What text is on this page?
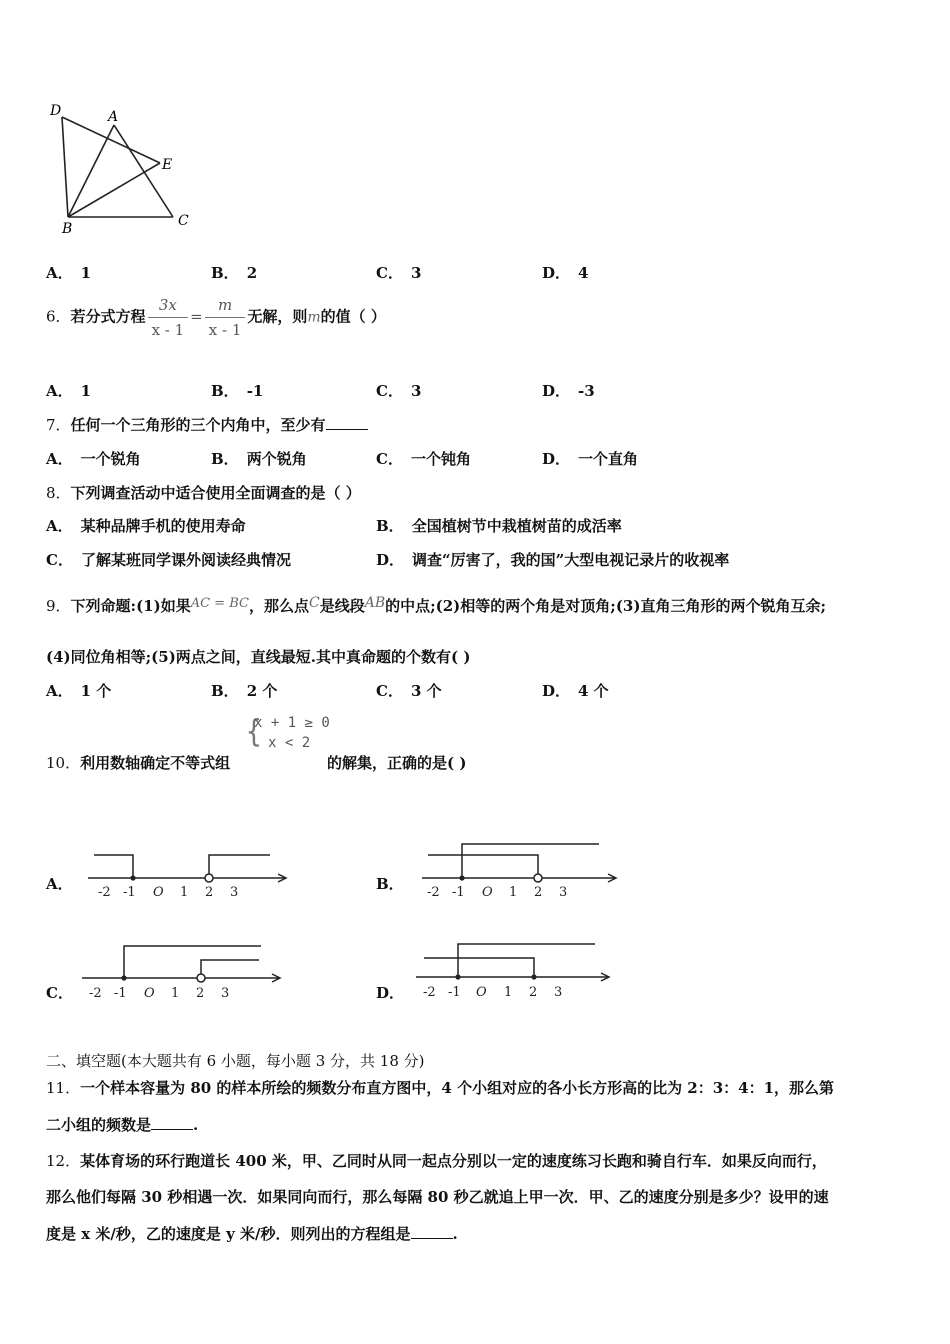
D	A
E
B	C
A． 1	B． 2	C． 3	D． 4
6．若分式方程 $\frac{3x}{x - 1} = \frac{m}{x - 1}$ 无解，则m的值（ ）
A． 1	B． -1	C． 3	D． -3
7．任何一个三角形的三个内角中，至少有
A． 一个锐角	B． 两个锐角	C． 一个钝角	D． 一个直角
8．下列调查活动中适合使用全面调查的是（ ）
A． 某种品牌手机的使用寿命	B． 全国植树节中栽植树苗的成活率
C． 了解某班同学课外阅读经典情况	D． 调查“厉害了，我的国”大型电视记录片的收视率
9．下列命题:(1)如果AC = BC，那么点C是线段AB的中点;(2)相等的两个角是对顶角;(3)直角三角形的两个锐角互余;
(4)同位角相等;(5)两点之间，直线最短.其中真命题的个数有( )
A． 1 个	B． 2 个	C． 3 个	D． 4 个
10．利用数轴确定不等式组
{
x + 1 ≥ 0
x < 2
的解集，正确的是( )
A． -2 -1 O 1 2 3	B． -2 -1 O 1 2 3
C． -2 -1 O 1 2 3	D． -2 -1 O 1 2 3
二、填空题(本大题共有 6 小题，每小题 3 分，共 18 分)
11．一个样本容量为 80 的样本所绘的频数分布直方图中，4 个小组对应的各小长方形高的比为 2：3：4：1，那么第
二小组的频数是	.
12．某体育场的环行跑道长 400 米，甲、乙同时从同一起点分别以一定的速度练习长跑和骑自行车．如果反向而行，
那么他们每隔 30 秒相遇一次．如果同向而行，那么每隔 80 秒乙就追上甲一次．甲、乙的速度分别是多少？设甲的速
度是 x 米/秒，乙的速度是 y 米/秒．则列出的方程组是	.
